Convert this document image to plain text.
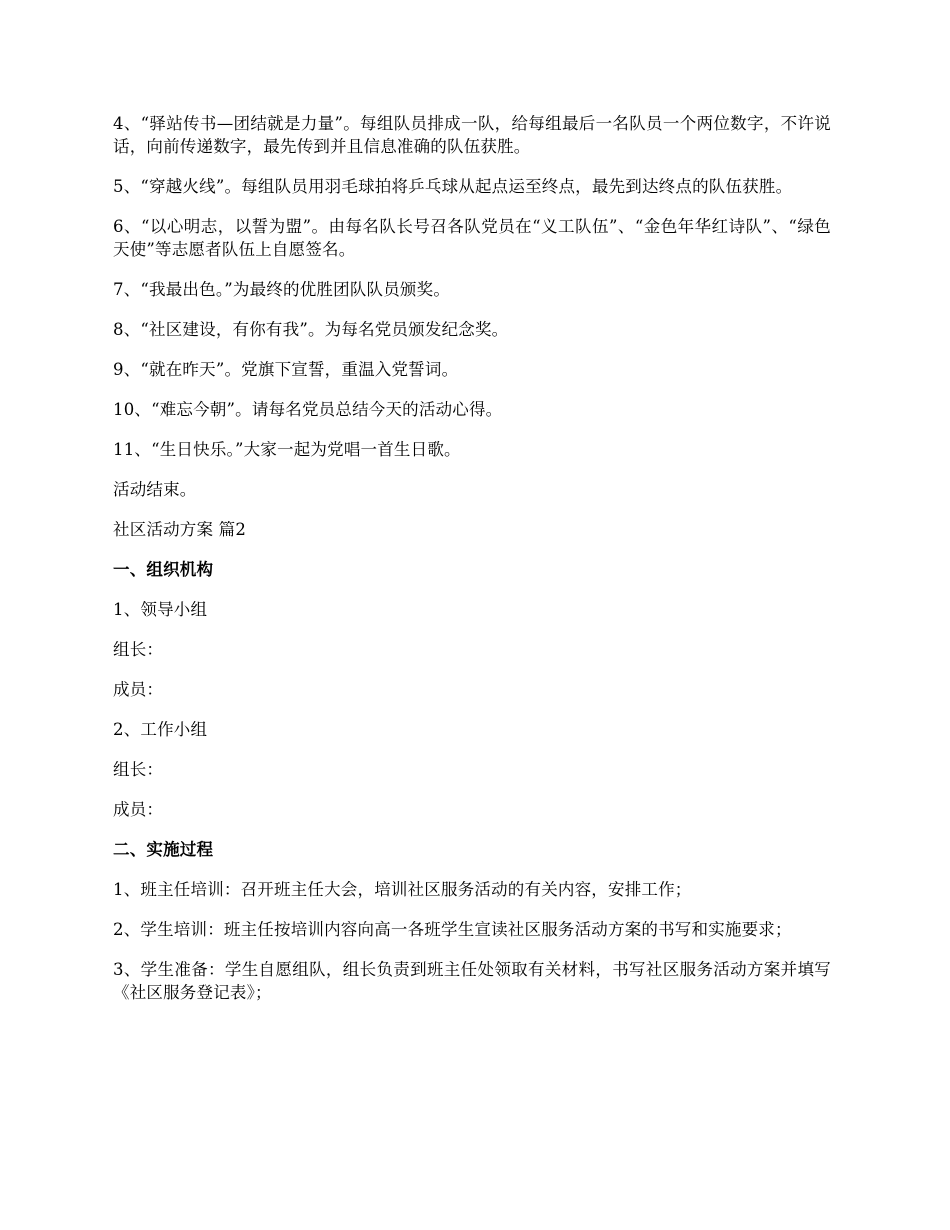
4、“驿站传书—团结就是力量”。每组队员排成一队，给每组最后一名队员一个两位数字，不许说话，向前传递数字，最先传到并且信息准确的队伍获胜。

5、“穿越火线”。每组队员用羽毛球拍将乒乓球从起点运至终点，最先到达终点的队伍获胜。

6、“以心明志，以誓为盟”。由每名队长号召各队党员在“义工队伍”、“金色年华红诗队”、“绿色天使”等志愿者队伍上自愿签名。

7、“我最出色。”为最终的优胜团队队员颁奖。

8、“社区建设，有你有我”。为每名党员颁发纪念奖。

9、“就在昨天”。党旗下宣誓，重温入党誓词。

10、“难忘今朝”。请每名党员总结今天的活动心得。

11、“生日快乐。”大家一起为党唱一首生日歌。

活动结束。

社区活动方案 篇2

一、组织机构

1、领导小组

组长：

成员：

2、工作小组

组长：

成员：

二、实施过程

1、班主任培训：召开班主任大会，培训社区服务活动的有关内容，安排工作；

2、学生培训：班主任按培训内容向高一各班学生宣读社区服务活动方案的书写和实施要求；

3、学生准备：学生自愿组队，组长负责到班主任处领取有关材料，书写社区服务活动方案并填写《社区服务登记表》；
